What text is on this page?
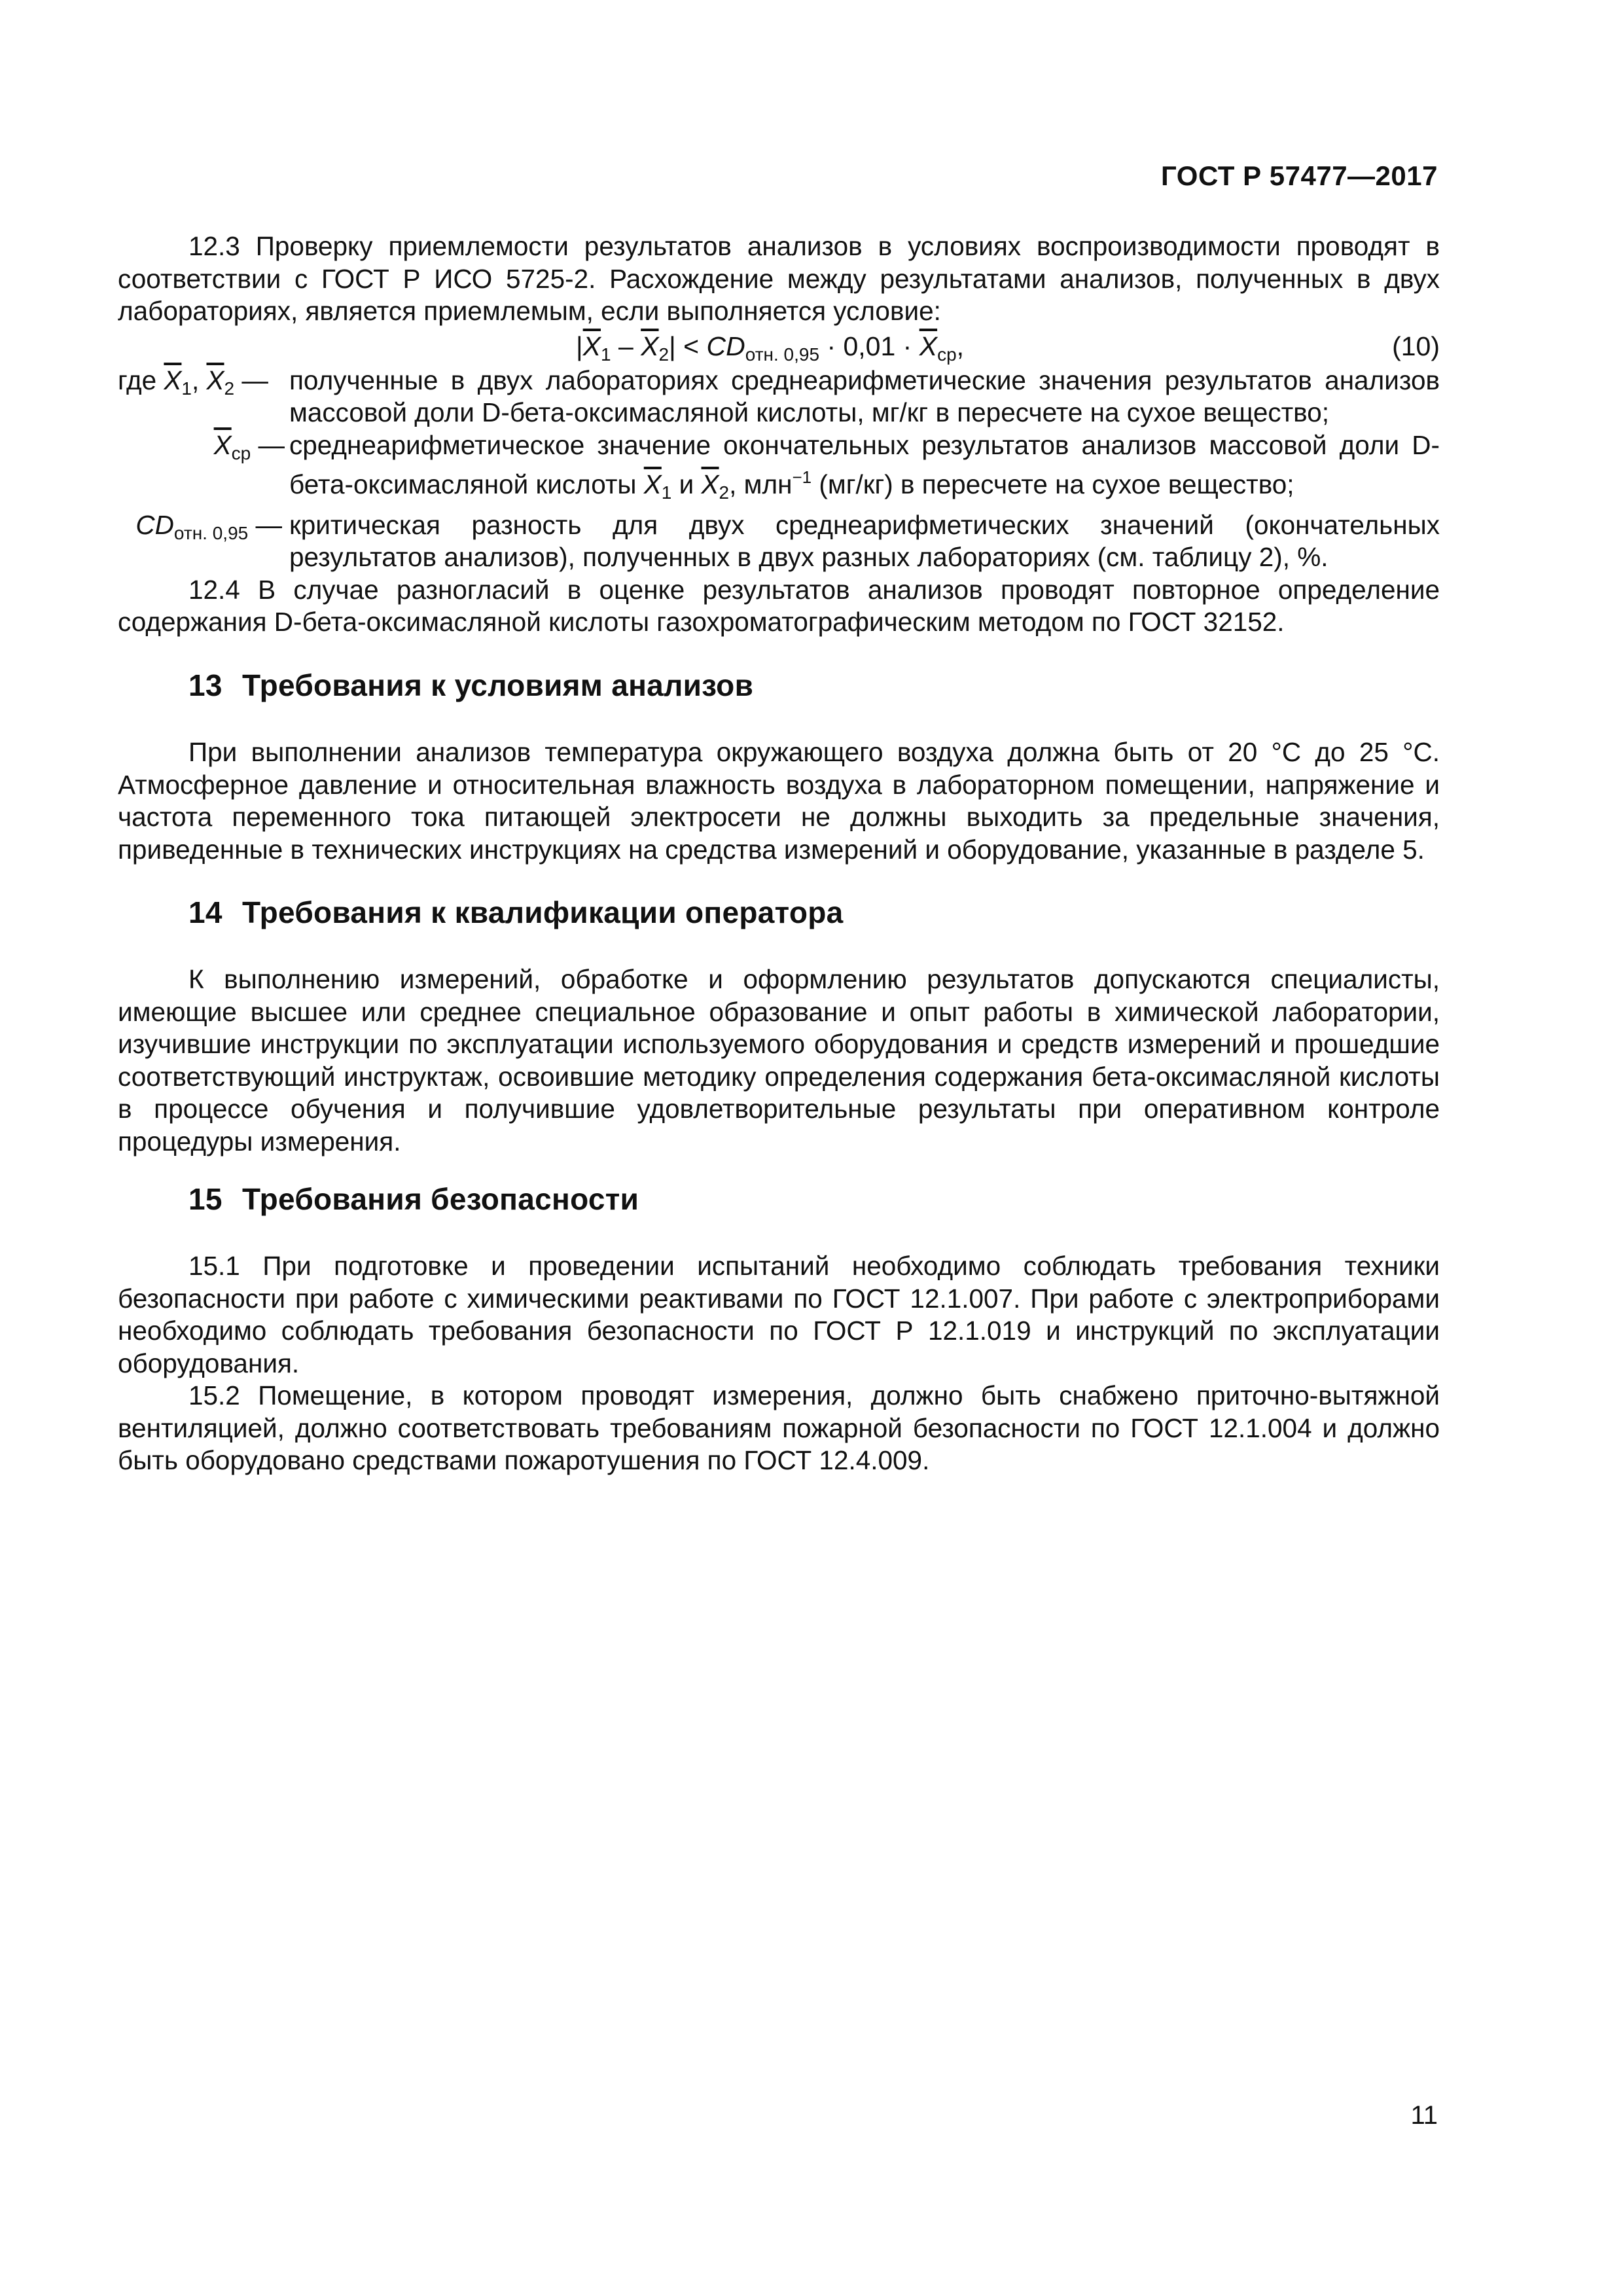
ГОСТ Р 57477—2017

12.3 Проверку приемлемости результатов анализов в условиях воспроизводимости проводят в соответствии с ГОСТ Р ИСО 5725-2. Расхождение между результатами анализов, полученных в двух лабораториях, является приемлемым, если выполняется условие:

$|\overline{X}_1 - \overline{X}_2| < CD_{отн. 0,95} \cdot 0,01 \cdot \overline{X}_{ср}$,	(10)

где $\overline{X}_1$, $\overline{X}_2$ — полученные в двух лабораториях среднеарифметические значения результатов анализов массовой доли D-бета-оксимасляной кислоты, мг/кг в пересчете на сухое вещество;

$\overline{X}_{ср}$ — среднеарифметическое значение окончательных результатов анализов массовой доли D-бета-оксимасляной кислоты $\overline{X}_1$ и $\overline{X}_2$, млн$^{-1}$ (мг/кг) в пересчете на сухое вещество;

$CD_{отн. 0,95}$ — критическая разность для двух среднеарифметических значений (окончательных результатов анализов), полученных в двух разных лабораториях (см. таблицу 2), %.

12.4 В случае разногласий в оценке результатов анализов проводят повторное определение содержания D-бета-оксимасляной кислоты газохроматографическим методом по ГОСТ 32152.

13 Требования к условиям анализов

При выполнении анализов температура окружающего воздуха должна быть от 20 °С до 25 °С. Атмосферное давление и относительная влажность воздуха в лабораторном помещении, напряжение и частота переменного тока питающей электросети не должны выходить за предельные значения, приведенные в технических инструкциях на средства измерений и оборудование, указанные в разделе 5.

14 Требования к квалификации оператора

К выполнению измерений, обработке и оформлению результатов допускаются специалисты, имеющие высшее или среднее специальное образование и опыт работы в химической лаборатории, изучившие инструкции по эксплуатации используемого оборудования и средств измерений и прошедшие соответствующий инструктаж, освоившие методику определения содержания бета-оксимасляной кислоты в процессе обучения и получившие удовлетворительные результаты при оперативном контроле процедуры измерения.

15 Требования безопасности

15.1 При подготовке и проведении испытаний необходимо соблюдать требования техники безопасности при работе с химическими реактивами по ГОСТ 12.1.007. При работе с электроприборами необходимо соблюдать требования безопасности по ГОСТ Р 12.1.019 и инструкций по эксплуатации оборудования.

15.2 Помещение, в котором проводят измерения, должно быть снабжено приточно-вытяжной вентиляцией, должно соответствовать требованиям пожарной безопасности по ГОСТ 12.1.004 и должно быть оборудовано средствами пожаротушения по ГОСТ 12.4.009.

11
